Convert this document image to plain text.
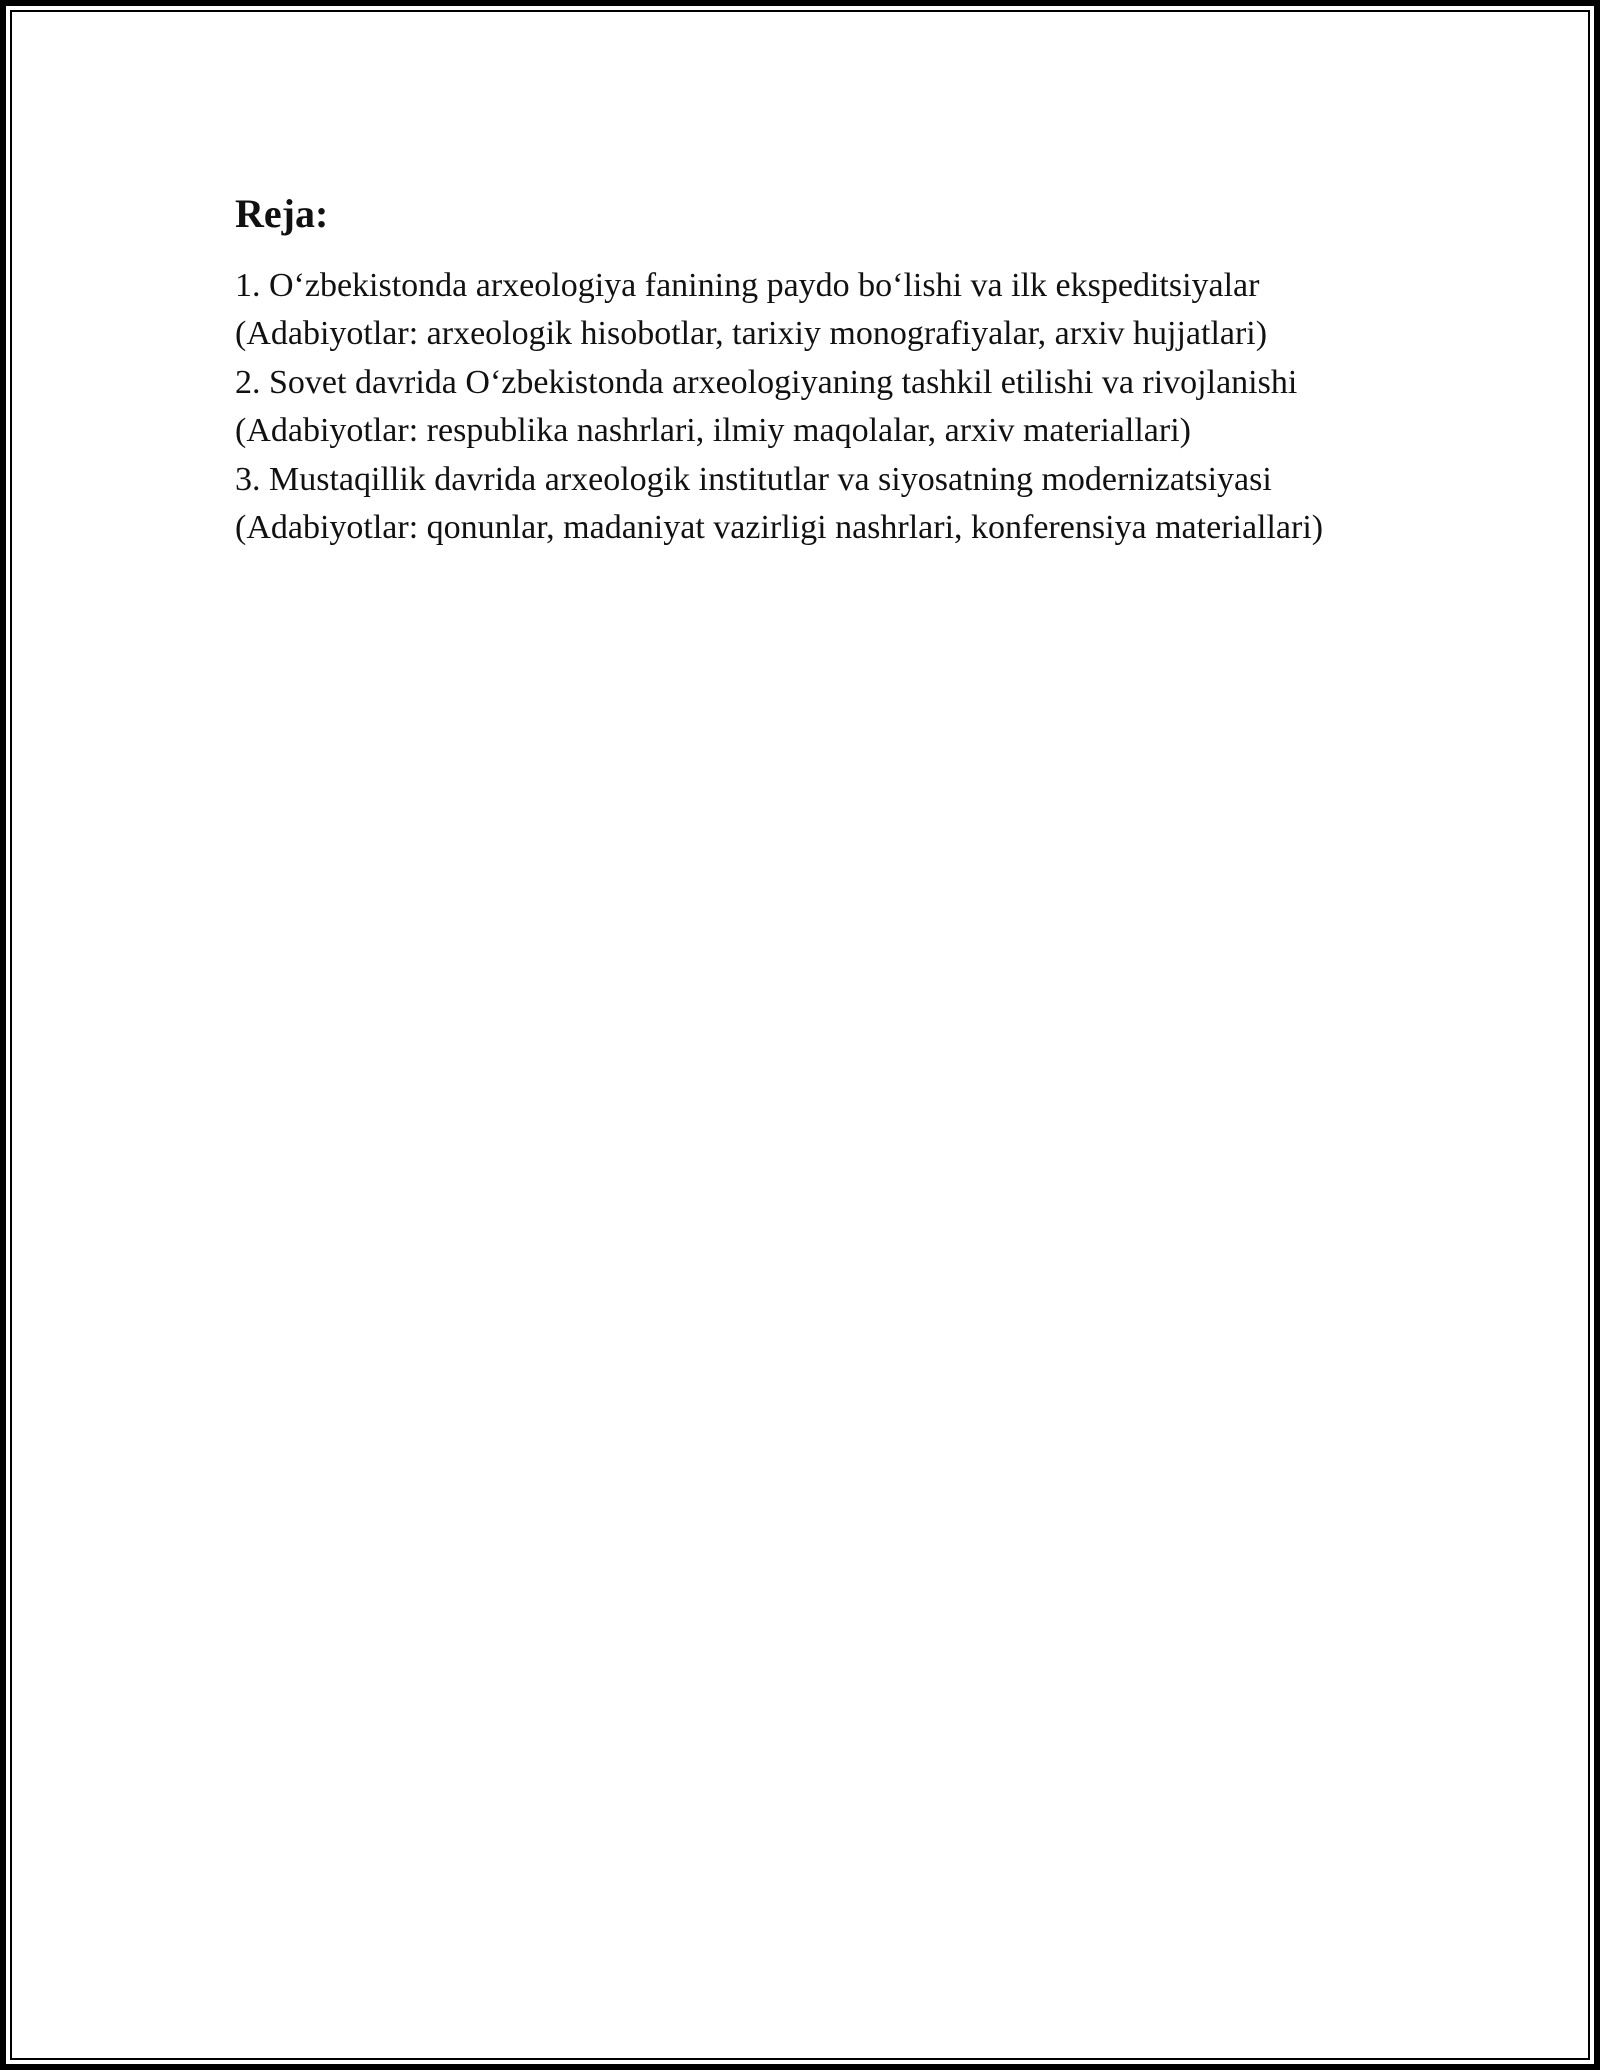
Reja:
1. O‘zbekistonda arxeologiya fanining paydo bo‘lishi va ilk ekspeditsiyalar (Adabiyotlar: arxeologik hisobotlar, tarixiy monografiyalar, arxiv hujjatlari)
2. Sovet davrida O‘zbekistonda arxeologiyaning tashkil etilishi va rivojlanishi (Adabiyotlar: respublika nashrlari, ilmiy maqolalar, arxiv materiallari)
3. Mustaqillik davrida arxeologik institutlar va siyosatning modernizatsiyasi (Adabiyotlar: qonunlar, madaniyat vazirligi nashrlari, konferensiya materiallari)
